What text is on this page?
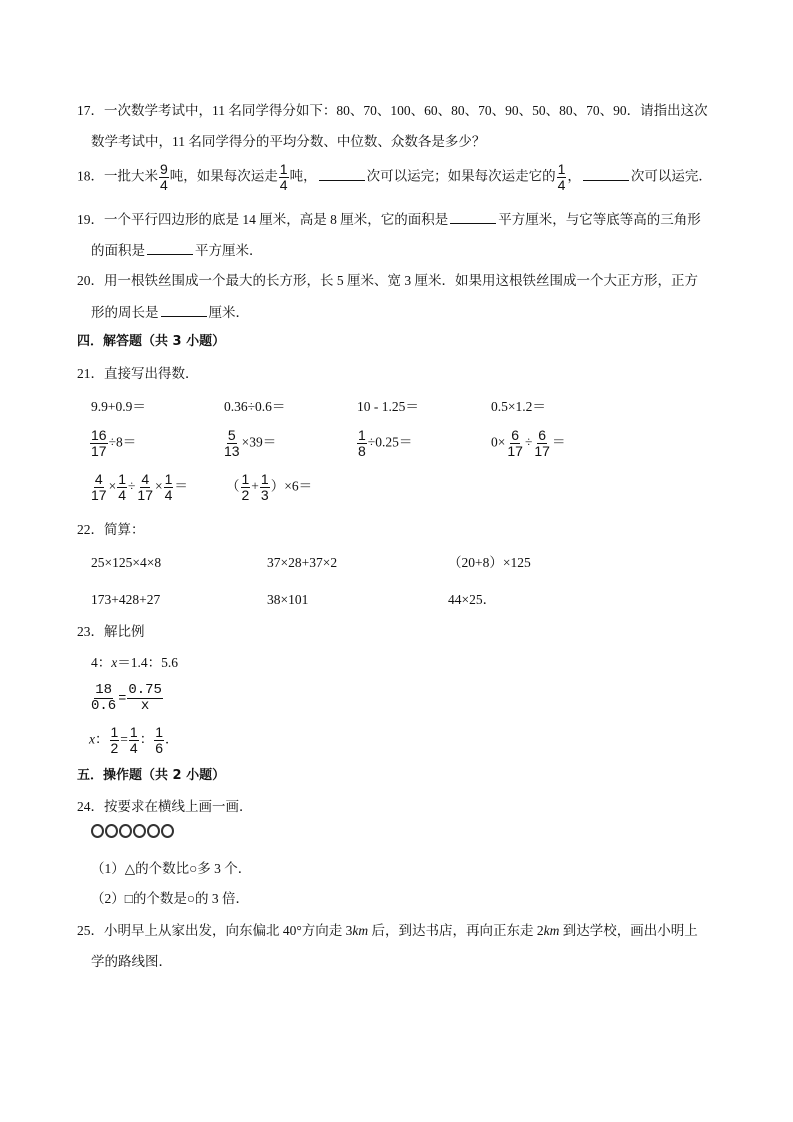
17．一次数学考试中，11 名同学得分如下：80、70、100、60、80、70、90、50、80、70、90．请指出这次
数学考试中，11 名同学得分的平均分数、中位数、众数各是多少？
18．一批大米 $\frac{9}{4}$ 吨，如果每次运走 $\frac{1}{4}$ 吨，	次可以运完；如果每次运走它的 $\frac{1}{4}$ ，	次可以运完．
19．一个平行四边形的底是 14 厘米，高是 8 厘米，它的面积是	平方厘米，与它等底等高的三角形
的面积是	平方厘米．
20．用一根铁丝围成一个最大的长方形，长 5 厘米、宽 3 厘米．如果用这根铁丝围成一个大正方形，正方
形的周长是	厘米．
四．解答题（共 3 小题）
21．直接写出得数．
9.9+0.9＝	0.36÷0.6＝	10 - 1.25＝	0.5×1.2＝
$\frac{16}{17} \div 8=$	$\frac{5}{13} \times 39=$	$\frac{1}{8} \div 0.25=$	$0\times \frac{6}{17} \div \frac{6}{17}$ ＝
$\frac{4}{17} \times \frac{1}{4} \div \frac{4}{17} \times \frac{1}{4}$ ＝	（ $\frac{1}{2} + \frac{1}{3} )\times 6=$
22．简算：
25×125×4×8	37×28+37×2	（20+8）×125
173+428+27	38×101	44×25．
23．解比例
4：x＝1.4：5.6
$\frac{18}{0.6} = \frac{0.75}{x}$
x： $\frac{1}{2} = \frac{1}{4}$ ： $\frac{1}{6}$ ．
五．操作题（共 2 小题）
24．按要求在横线上画一画．
（1）△的个数比○多 3 个．
（2）□的个数是○的 3 倍．
25．小明早上从家出发，向东偏北 40°方向走 3km 后，到达书店，再向正东走 2km 到达学校，画出小明上
学的路线图．
